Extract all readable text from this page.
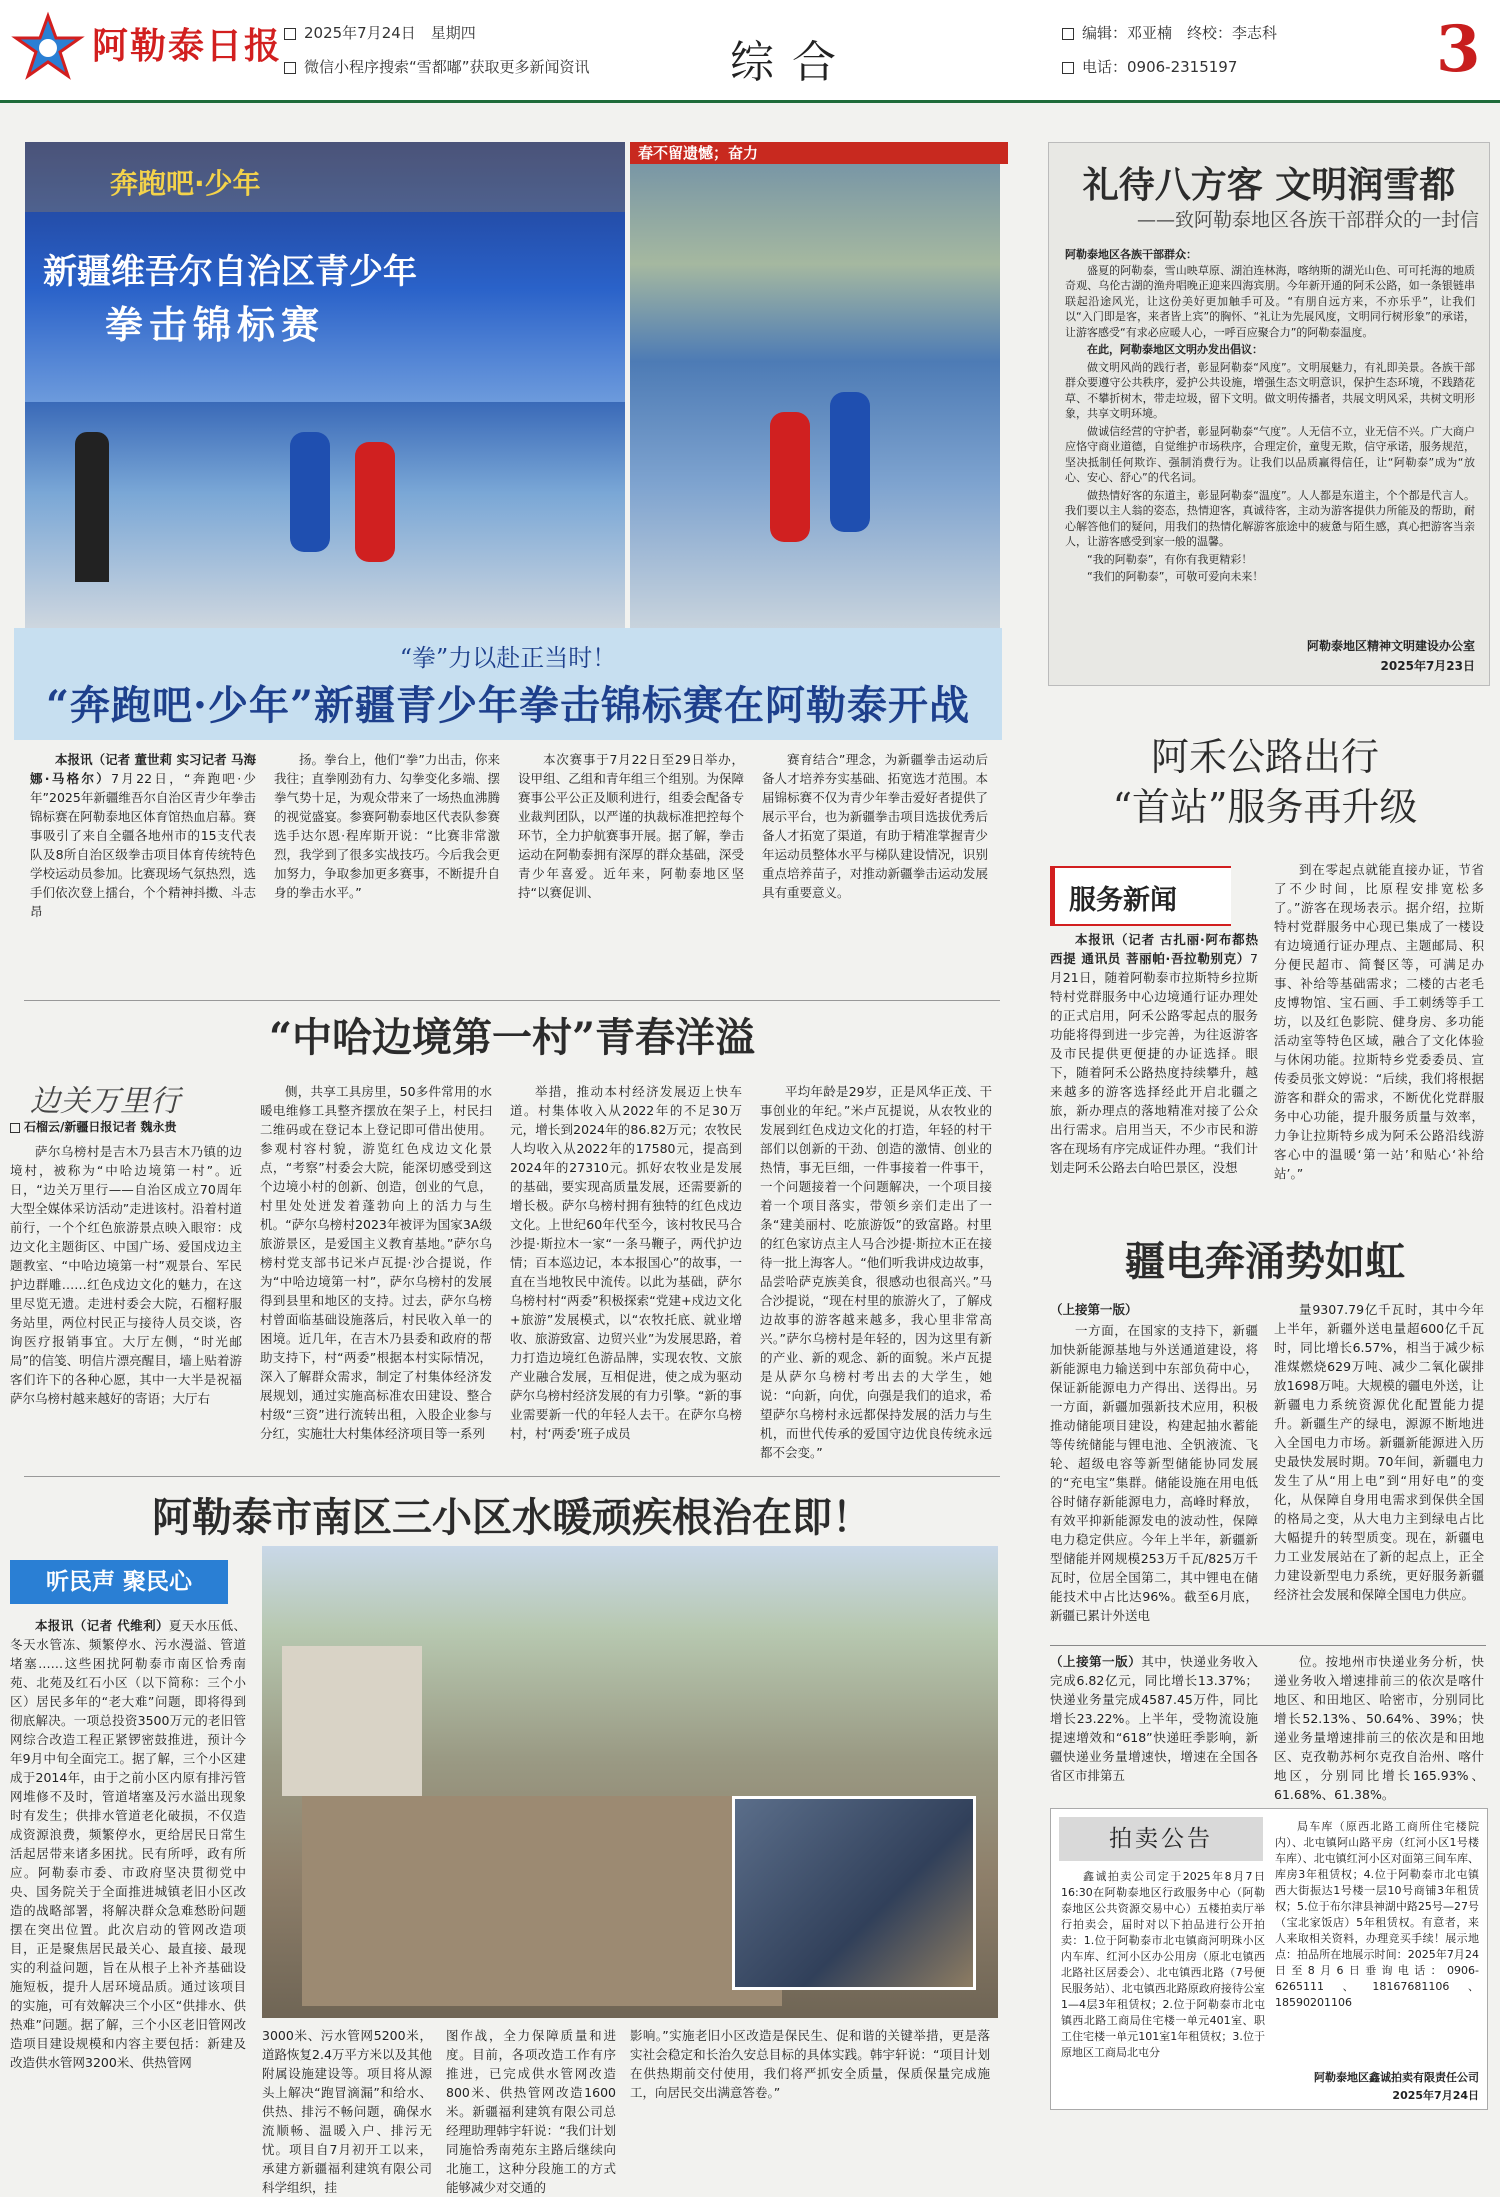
阿勒泰日报	2025年7月24日　星期四
微信小程序搜索“雪都嘟”获取更多新闻资讯	综合
编辑：邓亚楠　终校：李志科
电话：0906-2315197	3
奔跑吧·少年
新疆维吾尔自治区青少年
拳击锦标赛
春不留遗憾；奋力
“拳”力以赴正当时！
“奔跑吧·少年”新疆青少年拳击锦标赛在阿勒泰开战

本报讯（记者 董世莉 实习记者 马海娜·马格尔）7月22日，“奔跑吧·少年”2025年新疆维吾尔自治区青少年拳击锦标赛在阿勒泰地区体育馆热血启幕。赛事吸引了来自全疆各地州市的15支代表队及8所自治区级拳击项目体育传统特色学校运动员参加。比赛现场气氛热烈，选手们依次登上擂台，个个精神抖擞、斗志昂

扬。拳台上，他们“拳”力出击，你来我往；直拳刚劲有力、勾拳变化多端、摆拳气势十足，为观众带来了一场热血沸腾的视觉盛宴。参赛阿勒泰地区代表队参赛选手达尔恩·程库斯开说：“比赛非常激烈，我学到了很多实战技巧。今后我会更加努力，争取参加更多赛事，不断提升自身的拳击水平。”

本次赛事于7月22日至29日举办，设甲组、乙组和青年组三个组别。为保障赛事公平公正及顺利进行，组委会配备专业裁判团队，以严谨的执裁标准把控每个环节，全力护航赛事开展。据了解，拳击运动在阿勒泰拥有深厚的群众基础，深受青少年喜爱。近年来，阿勒泰地区坚持“以赛促训、

赛育结合”理念，为新疆拳击运动后备人才培养夯实基础、拓宽选才范围。本届锦标赛不仅为青少年拳击爱好者提供了展示平台，也为新疆拳击项目选拔优秀后备人才拓宽了渠道，有助于精准掌握青少年运动员整体水平与梯队建设情况，识别重点培养苗子，对推动新疆拳击运动发展具有重要意义。

礼待八方客 文明润雪都
——致阿勒泰地区各族干部群众的一封信
阿勒泰地区各族干部群众：

盛夏的阿勒泰，雪山映草原、湖泊连林海，喀纳斯的湖光山色、可可托海的地质奇观、乌伦古湖的渔舟唱晚正迎来四海宾朋。今年新开通的阿禾公路，如一条银链串联起沿途风光，让这份美好更加触手可及。“有朋自远方来，不亦乐乎”，让我们以“入门即是客，来者皆上宾”的胸怀、“礼让为先展风度，文明同行树形象”的承诺，让游客感受“有求必应暖人心，一呼百应聚合力”的阿勒泰温度。

在此，阿勒泰地区文明办发出倡议：

做文明风尚的践行者，彰显阿勒泰“风度”。文明展魅力，有礼即美景。各族干部群众要遵守公共秩序，爱护公共设施，增强生态文明意识，保护生态环境，不践踏花草、不攀折树木，带走垃圾，留下文明。做文明传播者，共展文明风采，共树文明形象，共享文明环境。

做诚信经营的守护者，彰显阿勒泰“气度”。人无信不立，业无信不兴。广大商户应恪守商业道德，自觉维护市场秩序，合理定价，童叟无欺，信守承诺，服务规范，坚决抵制任何欺诈、强制消费行为。让我们以品质赢得信任，让“阿勒泰”成为“放心、安心、舒心”的代名词。

做热情好客的东道主，彰显阿勒泰“温度”。人人都是东道主，个个都是代言人。我们要以主人翁的姿态，热情迎客，真诚待客，主动为游客提供力所能及的帮助，耐心解答他们的疑问，用我们的热情化解游客旅途中的疲惫与陌生感，真心把游客当亲人，让游客感受到家一般的温馨。

“我的阿勒泰”，有你有我更精彩！

“我们的阿勒泰”，可敬可爱向未来！

阿勒泰地区精神文明建设办公室
2025年7月23日
阿禾公路出行
“首站”服务再升级
服务新闻

本报讯（记者 古扎丽·阿布都热西提 通讯员 菩丽帕·吾拉勒别克）7月21日，随着阿勒泰市拉斯特乡拉斯特村党群服务中心边境通行证办理处的正式启用，阿禾公路零起点的服务功能将得到进一步完善，为往返游客及市民提供更便捷的办证选择。眼下，随着阿禾公路热度持续攀升，越来越多的游客选择经此开启北疆之旅，新办理点的落地精准对接了公众出行需求。启用当天，不少市民和游客在现场有序完成证件办理。“我们计划走阿禾公路去白哈巴景区，没想

到在零起点就能直接办证，节省了不少时间，比原程安排宽松多了。”游客在现场表示。据介绍，拉斯特村党群服务中心现已集成了一楼设有边境通行证办理点、主题邮局、积分便民超市、简餐区等，可满足办事、补给等基础需求；二楼的古老毛皮博物馆、宝石画、手工刺绣等手工坊，以及红色影院、健身房、多功能活动室等特色区域，融合了文化体验与休闲功能。拉斯特乡党委委员、宣传委员张文婷说：“后续，我们将根据游客和群众的需求，不断优化党群服务中心功能，提升服务质量与效率，力争让拉斯特乡成为阿禾公路沿线游客心中的温暖‘第一站’和贴心‘补给站’。”

疆电奔涌势如虹

（上接第一版）

一方面，在国家的支持下，新疆加快新能源基地与外送通道建设，将新能源电力输送到中东部负荷中心，保证新能源电力产得出、送得出。另一方面，新疆加强新技术应用，积极推动储能项目建设，构建起抽水蓄能等传统储能与锂电池、全钒液流、飞轮、超级电容等新型储能协同发展的“充电宝”集群。储能设施在用电低谷时储存新能源电力，高峰时释放，有效平抑新能源发电的波动性，保障电力稳定供应。今年上半年，新疆新型储能并网规模253万千瓦/825万千瓦时，位居全国第二，其中锂电在储能技术中占比达96%。截至6月底，新疆已累计外送电

量9307.79亿千瓦时，其中今年上半年，新疆外送电量超600亿千瓦时，同比增长6.57%，相当于减少标准煤燃烧629万吨、减少二氧化碳排放1698万吨。大规模的疆电外送，让新疆电力系统资源优化配置能力提升。新疆生产的绿电，源源不断地进入全国电力市场。新疆新能源进入历史最快发展时期。70年间，新疆电力发生了从“用上电”到“用好电”的变化，从保障自身用电需求到保供全国的格局之变，从大电力主到绿电占比大幅提升的转型质变。现在，新疆电力工业发展站在了新的起点上，正全力建设新型电力系统，更好服务新疆经济社会发展和保障全国电力供应。

（上接第一版）其中，快递业务收入完成6.82亿元，同比增长13.37%；快递业务量完成4587.45万件，同比增长23.22%。上半年，受物流设施提速增效和“618”快递旺季影响，新疆快递业务量增速快，增速在全国各省区市排第五

位。按地州市快递业务分析，快递业务收入增速排前三的依次是喀什地区、和田地区、哈密市，分别同比增长52.13%、50.64%、39%；快递业务量增速排前三的依次是和田地区、克孜勒苏柯尔克孜自治州、喀什地区，分别同比增长165.93%、61.68%、61.38%。

拍卖公告

鑫诚拍卖公司定于2025年8月7日16:30在阿勒泰地区行政服务中心（阿勒泰地区公共资源交易中心）五楼拍卖厅举行拍卖会，届时对以下拍品进行公开拍卖：1.位于阿勒泰市北屯镇商河明珠小区内车库、红河小区办公用房（原北屯镇西北路社区居委会）、北屯镇西北路（7号便民服务站）、北屯镇西北路原政府接待公室1—4层3年租赁权；2.位于阿勒泰市北屯镇西北路工商局住宅楼一单元401室、职工住宅楼一单元101室1年租赁权；3.位于原地区工商局北屯分

局车库（原西北路工商所住宅楼院内）、北屯镇阿山路平房（红河小区1号楼车库）、北屯镇红河小区对面第三间车库、库房3年租赁权；4.位于阿勒泰市北屯镇西大街振达1号楼一层10号商铺3年租赁权；5.位于布尔津县神湖中路25号—27号（宝北家饭店）5年租赁权。有意者，来人来取相关资料，办理竞买手续！展示地点：拍品所在地展示时间：2025年7月24日至8月6日垂询电话：0906-6265111、18167681106、18590201106

阿勒泰地区鑫诚拍卖有限责任公司
2025年7月24日
“中哈边境第一村”青春洋溢
边关万里行
石榴云/新疆日报记者 魏永贵

萨尔乌榜村是吉木乃县吉木乃镇的边境村，被称为“中哈边境第一村”。近日，“边关万里行——自治区成立70周年大型全媒体采访活动”走进该村。沿着村道前行，一个个红色旅游景点映入眼帘：戍边文化主题街区、中国广场、爱国戍边主题教室、“中哈边境第一村”观景台、军民护边群雕……红色戍边文化的魅力，在这里尽览无遗。走进村委会大院，石榴籽服务站里，两位村民正与接待人员交谈，咨询医疗报销事宜。大厅左侧，“时光邮局”的信笺、明信片漂亮醒目，墙上贴着游客们许下的各种心愿，其中一大半是祝福萨尔乌榜村越来越好的寄语；大厅右

侧，共享工具房里，50多件常用的水暖电维修工具整齐摆放在架子上，村民扫二维码或在登记本上登记即可借出使用。参观村容村貌，游览红色戍边文化景点，“考察”村委会大院，能深切感受到这个边境小村的创新、创造，创业的气息，村里处处迸发着蓬勃向上的活力与生机。“萨尔乌榜村2023年被评为国家3A级旅游景区，是爱国主义教育基地。”萨尔乌榜村党支部书记米卢瓦提·沙合提说，作为“中哈边境第一村”，萨尔乌榜村的发展得到县里和地区的支持。过去，萨尔乌榜村曾面临基础设施落后，村民收入单一的困境。近几年，在吉木乃县委和政府的帮助支持下，村“两委”根据本村实际情况，深入了解群众需求，制定了村集体经济发展规划，通过实施高标准农田建设、整合村级“三资”进行流转出租，入股企业参与分红，实施壮大村集体经济项目等一系列

举措，推动本村经济发展迈上快车道。村集体收入从2022年的不足30万元，增长到2024年的86.82万元；农牧民人均收入从2022年的17580元，提高到2024年的27310元。抓好农牧业是发展的基础，要实现高质量发展，还需要新的增长极。萨尔乌榜村拥有独特的红色戍边文化。上世纪60年代至今，该村牧民马合沙提·斯拉木一家“一条马鞭子，两代护边情；百本巡边记，本本报国心”的故事，一直在当地牧民中流传。以此为基础，萨尔乌榜村村“两委”积极探索“党建+戍边文化+旅游”发展模式，以“农牧托底、就业增收、旅游致富、边贸兴业”为发展思路，着力打造边境红色游品牌，实现农牧、文旅产业融合发展，互相促进，使之成为驱动萨尔乌榜村经济发展的有力引擎。“新的事业需要新一代的年轻人去干。在萨尔乌榜村，村‘两委’班子成员

平均年龄是29岁，正是风华正茂、干事创业的年纪。”米卢瓦提说，从农牧业的发展到红色戍边文化的打造，年轻的村干部们以创新的干劲、创造的激情、创业的热情，事无巨细，一件事接着一件事干，一个问题接着一个问题解决，一个项目接着一个项目落实，带领乡亲们走出了一条“建美丽村、吃旅游饭”的致富路。村里的红色家访点主人马合沙提·斯拉木正在接待一批上海客人。“他们听我讲戍边故事，品尝哈萨克族美食，很感动也很高兴。”马合沙提说，“现在村里的旅游火了，了解戍边故事的游客越来越多，我心里非常高兴。”萨尔乌榜村是年轻的，因为这里有新的产业、新的观念、新的面貌。米卢瓦提是从萨尔乌榜村考出去的大学生，她说：“向新，向优，向强是我们的追求，希望萨尔乌榜村永远都保持发展的活力与生机，而世代传承的爱国守边优良传统永远都不会变。”

阿勒泰市南区三小区水暖顽疾根治在即！
听民声 聚民心

本报讯（记者 代维利）夏天水压低、冬天水管冻、频繁停水、污水漫溢、管道堵塞……这些困扰阿勒泰市南区恰秀南苑、北苑及红石小区（以下简称：三个小区）居民多年的“老大难”问题，即将得到彻底解决。一项总投资3500万元的老旧管网综合改造工程正紧锣密鼓推进，预计今年9月中旬全面完工。据了解，三个小区建成于2014年，由于之前小区内原有排污管网堆修不及时，管道堵塞及污水溢出现象时有发生；供排水管道老化破损，不仅造成资源浪费，频繁停水，更给居民日常生活起居带来诸多困扰。民有所呼，政有所应。阿勒泰市委、市政府坚决贯彻党中央、国务院关于全面推进城镇老旧小区改造的战略部署，将解决群众急难愁盼问题摆在突出位置。此次启动的管网改造项目，正是聚焦居民最关心、最直接、最现实的利益问题，旨在从根子上补齐基础设施短板，提升人居环境品质。通过该项目的实施，可有效解决三个小区“供排水、供热难”问题。据了解，三个小区老旧管网改造项目建设规模和内容主要包括：新建及改造供水管网3200米、供热管网

3000米、污水管网5200米，道路恢复2.4万平方米以及其他附属设施建设等。项目将从源头上解决“跑冒滴漏”和给水、供热、排污不畅问题，确保水流顺畅、温暖入户、排污无忧。项目自7月初开工以来，承建方新疆福利建筑有限公司科学组织，挂

图作战，全力保障质量和进度。目前，各项改造工作有序推进，已完成供水管网改造800米、供热管网改造1600米。新疆福利建筑有限公司总经理助理韩宇轩说：“我们计划同施恰秀南苑东主路后继续向北施工，这种分段施工的方式能够减少对交通的

影响。”实施老旧小区改造是保民生、促和谐的关键举措，更是落实社会稳定和长治久安总目标的具体实践。韩宇轩说：“项目计划在供热期前交付使用，我们将严抓安全质量，保质保量完成施工，向居民交出满意答卷。”
